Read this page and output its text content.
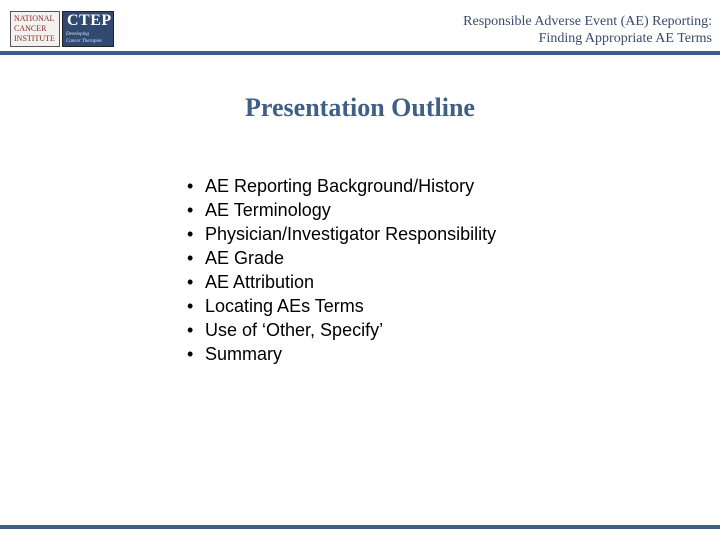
NATIONAL
CANCER
INSTITUTE
CTEP
Developing
Cancer Therapies
Responsible Adverse Event (AE) Reporting:
Finding Appropriate AE Terms
Presentation Outline
• AE Reporting Background/History
• AE Terminology
• Physician/Investigator Responsibility
• AE Grade
• AE Attribution
• Locating AEs Terms
• Use of ‘Other, Specify’
• Summary
